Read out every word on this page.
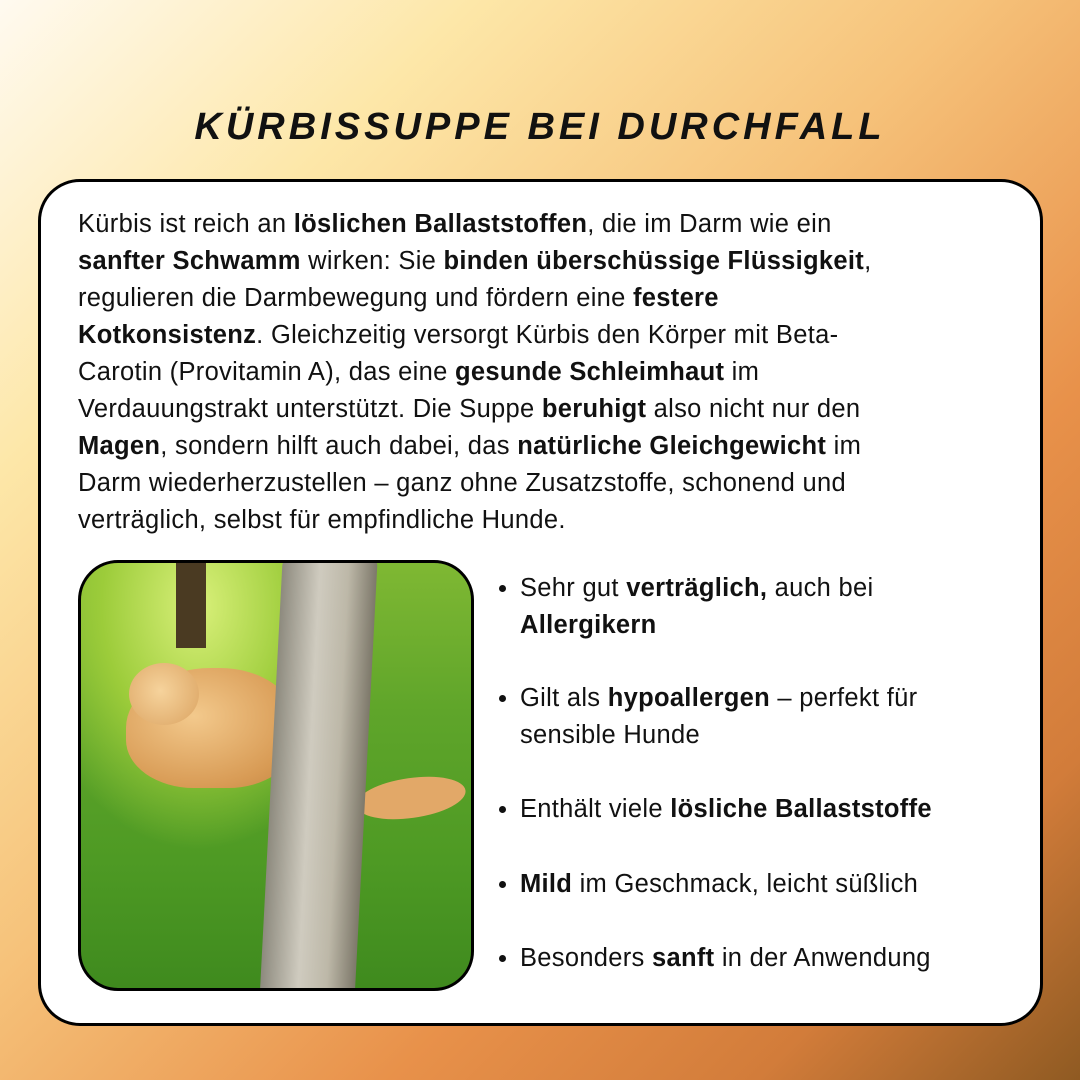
KÜRBISSUPPE BEI DURCHFALL
Kürbis ist reich an löslichen Ballaststoffen, die im Darm wie ein
sanfter Schwamm wirken: Sie binden überschüssige Flüssigkeit,
regulieren die Darmbewegung und fördern eine festere
Kotkonsistenz. Gleichzeitig versorgt Kürbis den Körper mit Beta-
Carotin (Provitamin A), das eine gesunde Schleimhaut im
Verdauungstrakt unterstützt. Die Suppe beruhigt also nicht nur den
Magen, sondern hilft auch dabei, das natürliche Gleichgewicht im
Darm wiederherzustellen – ganz ohne Zusatzstoffe, schonend und
verträglich, selbst für empfindliche Hunde.
Sehr gut verträglich, auch bei
Allergikern
Gilt als hypoallergen – perfekt für
sensible Hunde
Enthält viele lösliche Ballaststoffe
Mild im Geschmack, leicht süßlich
Besonders sanft in der Anwendung
